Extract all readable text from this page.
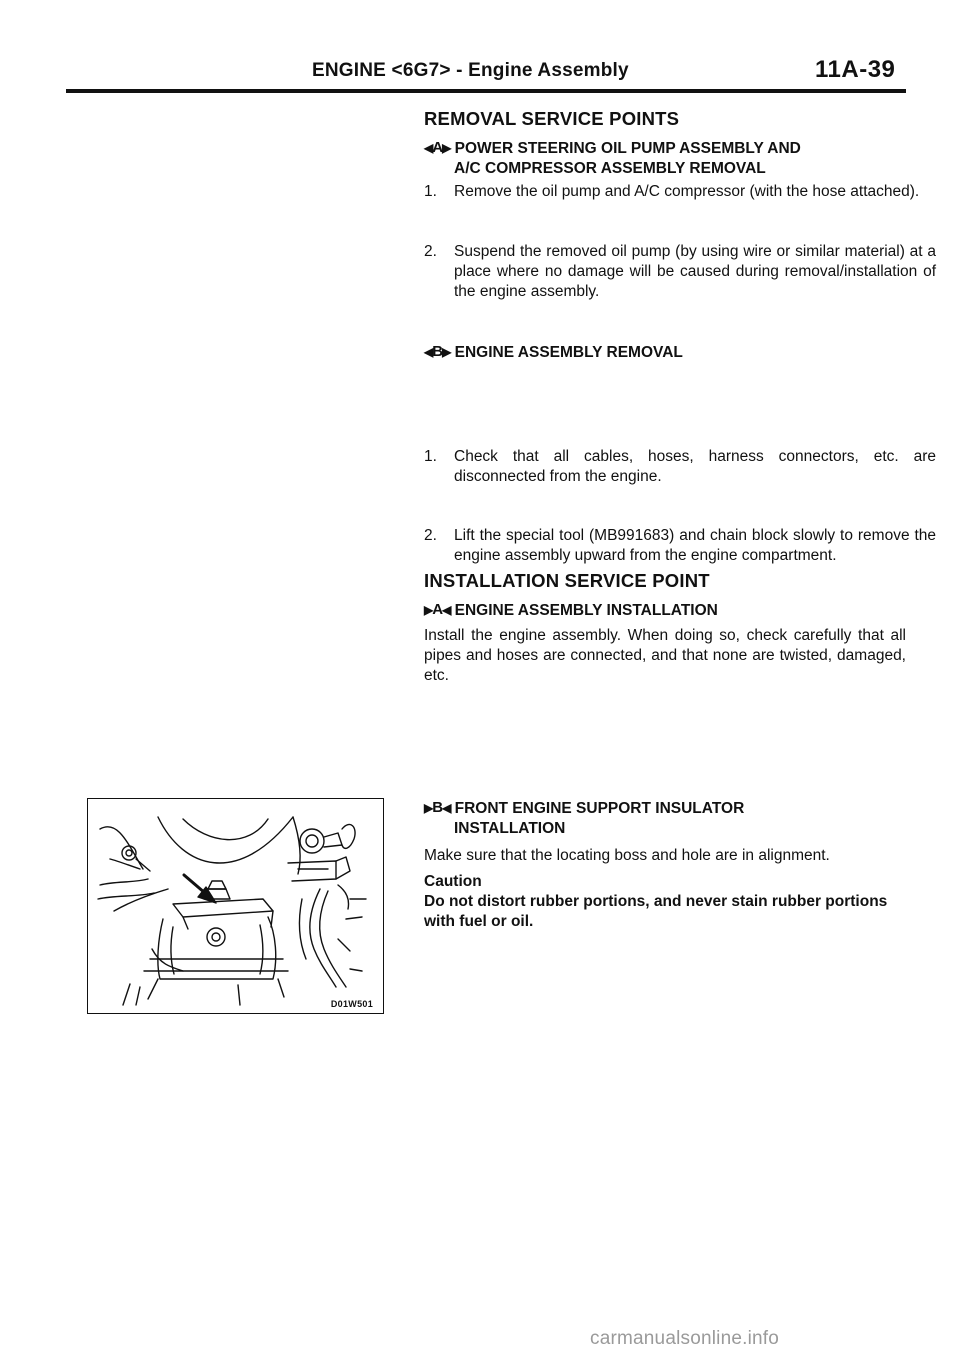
ENGINE <6G7> - Engine Assembly	11A-39
REMOVAL SERVICE POINTS
◀A▶ POWER STEERING OIL PUMP ASSEMBLY AND
A/C COMPRESSOR ASSEMBLY REMOVAL
1. Remove the oil pump and A/C compressor (with the hose attached).
2. Suspend the removed oil pump (by using wire or similar material) at a place where no damage will be caused during removal/installation of the engine assembly.
◀B▶ ENGINE ASSEMBLY REMOVAL
1. Check that all cables, hoses, harness connectors, etc. are disconnected from the engine.
2. Lift the special tool (MB991683) and chain block slowly to remove the engine assembly upward from the engine compartment.
INSTALLATION SERVICE POINT
▶A◀ ENGINE ASSEMBLY INSTALLATION
Install the engine assembly. When doing so, check carefully that all pipes and hoses are connected, and that none are twisted, damaged, etc.
▶B◀ FRONT ENGINE SUPPORT INSULATOR
INSTALLATION
Make sure that the locating boss and hole are in alignment.
Caution
Do not distort rubber portions, and never stain rubber portions with fuel or oil.
D01W501
carmanualsonline.info
